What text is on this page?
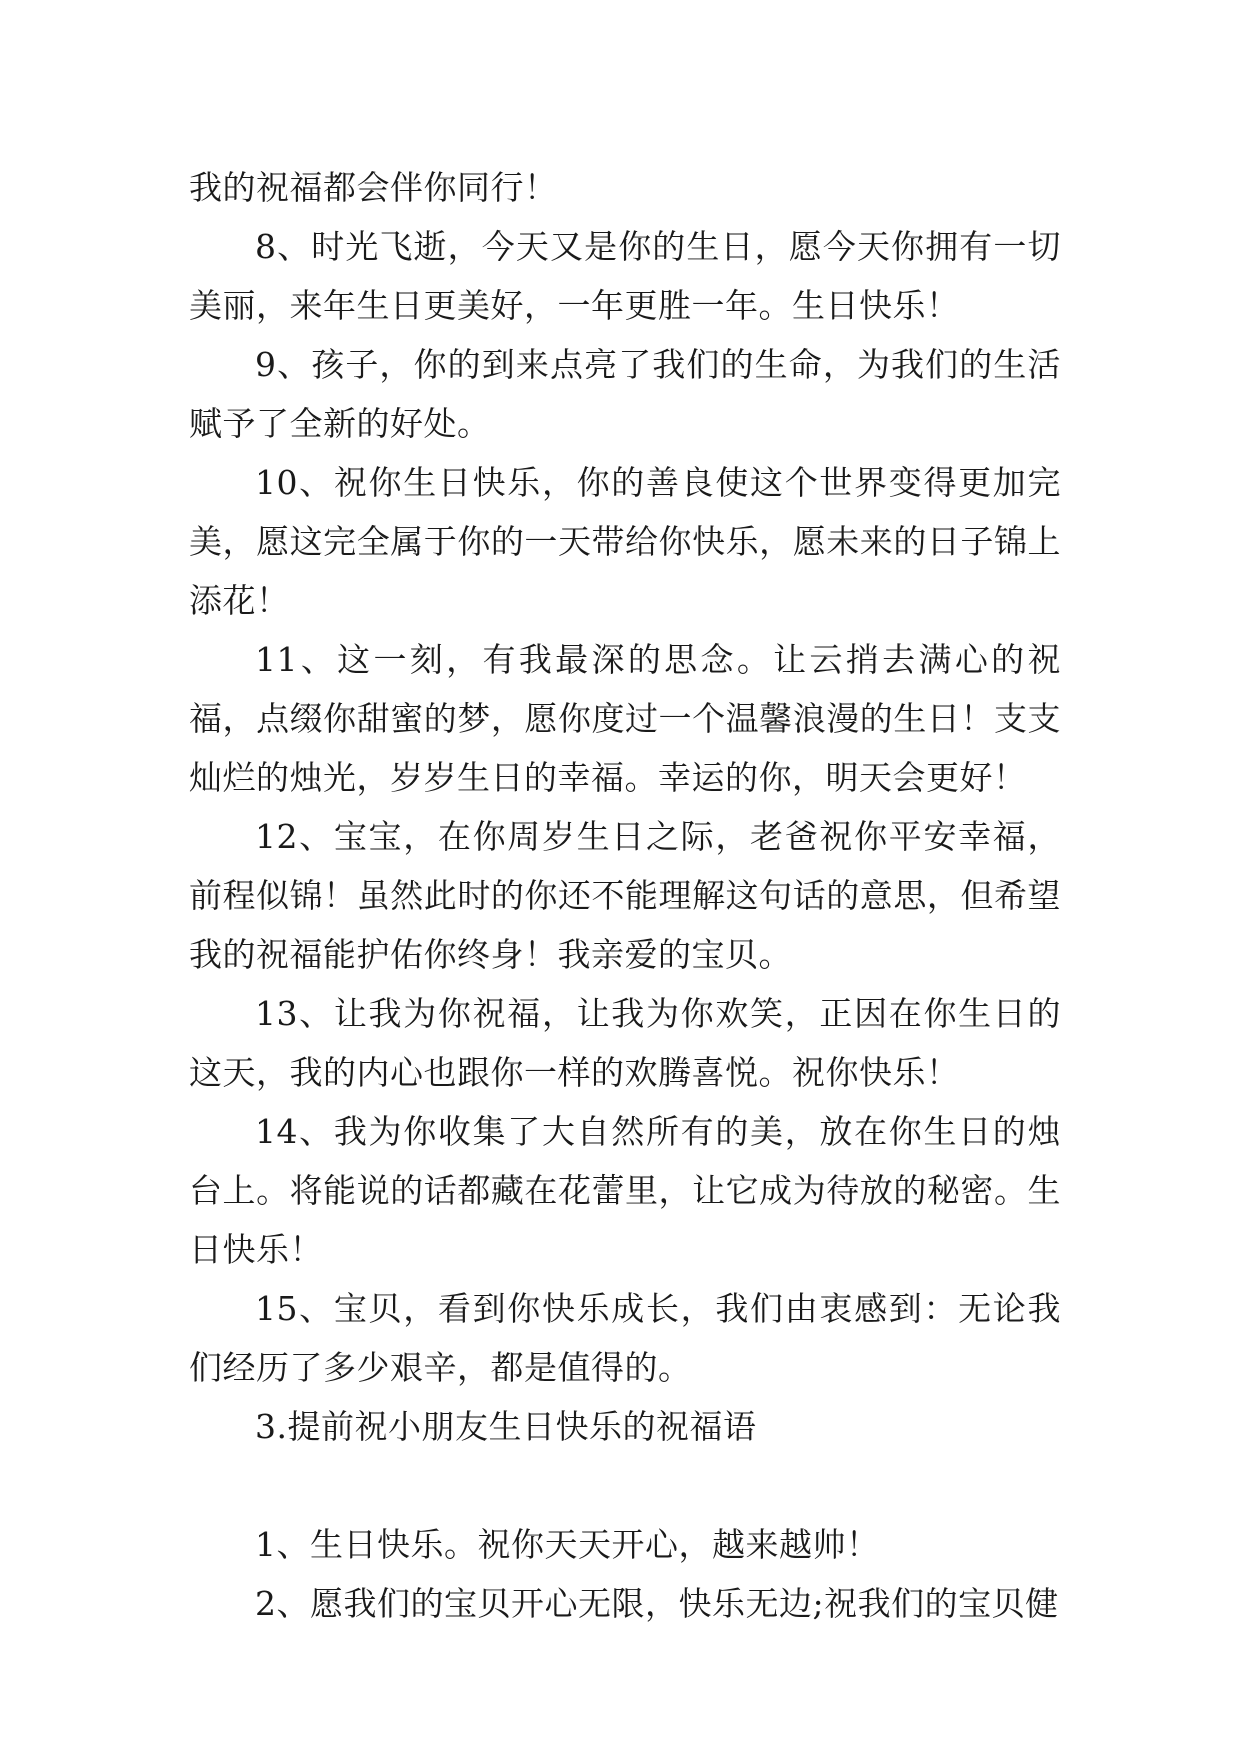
我的祝福都会伴你同行！

8、时光飞逝，今天又是你的生日，愿今天你拥有一切美丽，来年生日更美好，一年更胜一年。生日快乐！

9、孩子，你的到来点亮了我们的生命，为我们的生活赋予了全新的好处。

10、祝你生日快乐，你的善良使这个世界变得更加完美，愿这完全属于你的一天带给你快乐，愿未来的日子锦上添花！

11、这一刻，有我最深的思念。让云捎去满心的祝福，点缀你甜蜜的梦，愿你度过一个温馨浪漫的生日！支支灿烂的烛光，岁岁生日的幸福。幸运的你，明天会更好！

12、宝宝，在你周岁生日之际，老爸祝你平安幸福，前程似锦！虽然此时的你还不能理解这句话的意思，但希望我的祝福能护佑你终身！我亲爱的宝贝。

13、让我为你祝福，让我为你欢笑，正因在你生日的这天，我的内心也跟你一样的欢腾喜悦。祝你快乐！

14、我为你收集了大自然所有的美，放在你生日的烛台上。将能说的话都藏在花蕾里，让它成为待放的秘密。生日快乐！

15、宝贝，看到你快乐成长，我们由衷感到：无论我们经历了多少艰辛，都是值得的。

3.提前祝小朋友生日快乐的祝福语

1、生日快乐。祝你天天开心，越来越帅！

2、愿我们的宝贝开心无限，快乐无边;祝我们的宝贝健
